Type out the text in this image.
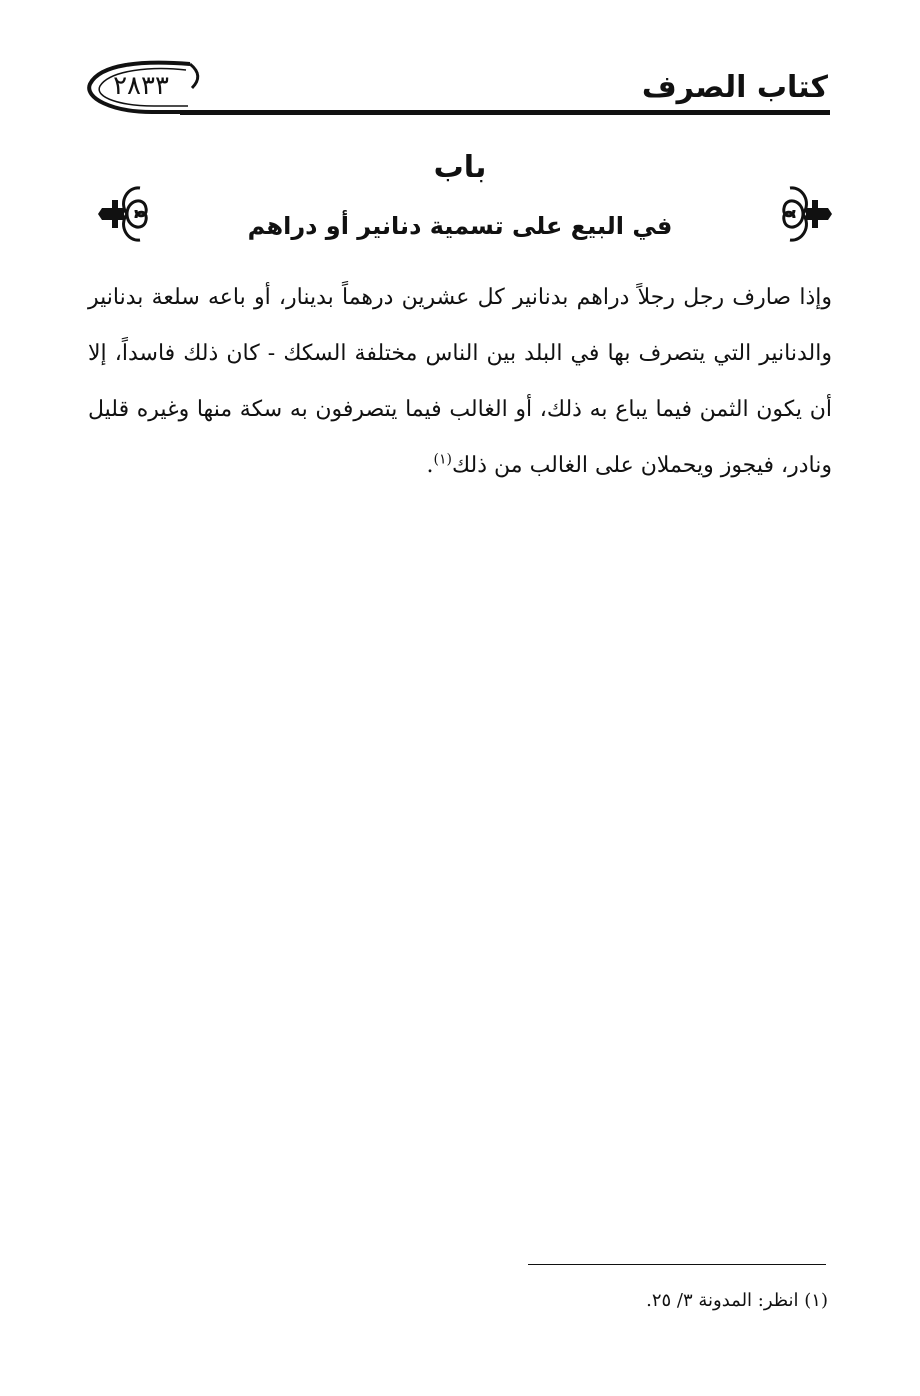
كتاب الصرف
٢٨٣٣
باب
في البيع على تسمية دنانير أو دراهم

وإذا صارف رجل رجلاً دراهم بدنانير كل عشرين درهماً بدينار، أو باعه سلعة بدنانير والدنانير التي يتصرف بها في البلد بين الناس مختلفة السكك - كان ذلك فاسداً، إلا أن يكون الثمن فيما يباع به ذلك، أو الغالب فيما يتصرفون به سكة منها وغيره قليل ونادر، فيجوز ويحملان على الغالب من ذلك$^{(١)}$.

(١) انظر: المدونة ٣/ ٢٥.
